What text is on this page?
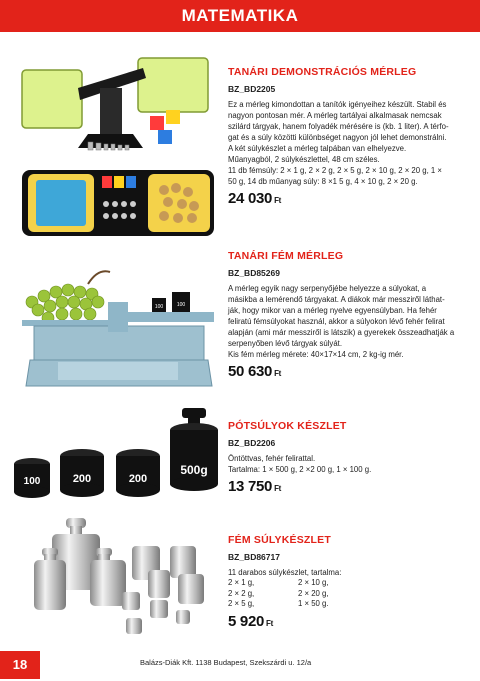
MATEMATIKA
TANÁRI DEMONSTRÁCIÓS MÉRLEG
BZ_BD2205
Ez a mérleg kimondottan a tanítók igényeihez készült. Stabil és
nagyon pontosan mér. A mérleg tartályai alkalmasak nemcsak
szilárd tárgyak, hanem folyadék mérésére is (kb. 1 liter). A térfo-
gat és a súly közötti különbséget nagyon jól lehet demonstrálni.
A két súlykészlet a mérleg talpában van elhelyezve.
Műanyagból, 2 súlykészlettel, 48 cm széles.
11 db fémsúly: 2 × 1 g, 2 × 2 g, 2 × 5 g, 2 × 10 g, 2 × 20 g, 1 ×
50 g, 14 db műanyag súly: 8 ×1 5 g, 4 × 10 g, 2 × 20 g.
24 030 Ft
100	100
TANÁRI FÉM MÉRLEG
BZ_BD85269
A mérleg egyik nagy serpenyőjébe helyezze a súlyokat, a
másikba a lemérendő tárgyakat. A diákok már messziről láthat-
ják, hogy mikor van a mérleg nyelve egyensúlyban. Ha fehér
feliratú fémsúlyokat használ, akkor a súlyokon lévő fehér felirat
alapján (ami már messziről is látszik) a gyerekek összeadhatják a
serpenyőben lévő tárgyak súlyát.
Kis fém mérleg mérete: 40×17×14 cm, 2 kg-ig mér.
50 630 Ft
100	200	200
500g
PÓTSÚLYOK KÉSZLET
BZ_BD2206
Öntöttvas, fehér felirattal.
Tartalma: 1 × 500 g, 2 ×2 00 g, 1 × 100 g.
13 750 Ft
FÉM SÚLYKÉSZLET
BZ_BD86717
11 darabos súlykészlet, tartalma:
2 × 1 g,	2 × 10 g,
2 × 2 g,	2 × 20 g,
2 × 5 g,	1 × 50 g.
5 920 Ft
18	Balázs-Diák Kft. 1138 Budapest, Szekszárdi u. 12/a
